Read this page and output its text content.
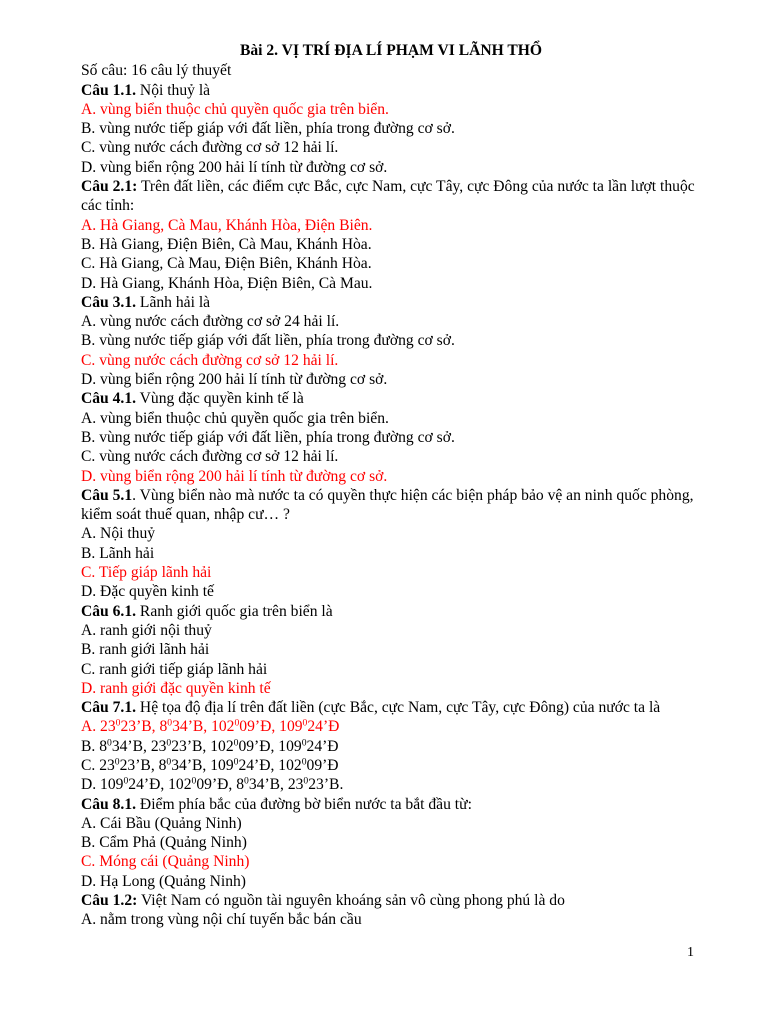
Bài 2. VỊ TRÍ ĐỊA LÍ PHẠM VI LÃNH THỔ
Số câu: 16 câu lý thuyết
Câu 1.1. Nội thuỷ là
A. vùng biển thuộc chủ quyền quốc gia trên biển.
B. vùng nước tiếp giáp với đất liền, phía trong đường cơ sở.
C. vùng nước cách đường cơ sở 12 hải lí.
D. vùng biển rộng 200 hải lí tính từ đường cơ sở.
Câu 2.1: Trên đất liền, các điểm cực Bắc, cực Nam, cực Tây, cực Đông của nước ta lần lượt thuộc các tỉnh:
A. Hà Giang, Cà Mau, Khánh Hòa, Điện Biên.
B. Hà Giang, Điện Biên, Cà Mau, Khánh Hòa.
C. Hà Giang, Cà Mau, Điện Biên, Khánh Hòa.
D. Hà Giang, Khánh Hòa, Điện Biên, Cà Mau.
Câu 3.1. Lãnh hải là
A. vùng nước cách đường cơ sở 24 hải lí.
B. vùng nước tiếp giáp với đất liền, phía trong đường cơ sở.
C. vùng nước cách đường cơ sở 12 hải lí.
D. vùng biển rộng 200 hải lí tính từ đường cơ sở.
Câu 4.1. Vùng đặc quyền kinh tế là
A. vùng biển thuộc chủ quyền quốc gia trên biển.
B. vùng nước tiếp giáp với đất liền, phía trong đường cơ sở.
C. vùng nước cách đường cơ sở 12 hải lí.
D. vùng biển rộng 200 hải lí tính từ đường cơ sở.
Câu 5.1. Vùng biển nào mà nước ta có quyền thực hiện các biện pháp bảo vệ an ninh quốc phòng, kiểm soát thuế quan, nhập cư… ?
A. Nội thuỷ
B. Lãnh hải
C. Tiếp giáp lãnh hải
D. Đặc quyền kinh tế
Câu 6.1. Ranh giới quốc gia trên biển là
A. ranh giới nội thuỷ
B. ranh giới lãnh hải
C. ranh giới tiếp giáp lãnh hải
D. ranh giới đặc quyền kinh tế
Câu 7.1. Hệ tọa độ địa lí trên đất liền (cực Bắc, cực Nam, cực Tây, cực Đông) của nước ta là
A. $23^023’B$, $8^034’B$, $102^009’Đ$, $109^024’Đ$
B. $8^034’B$, $23^023’B$, $102^009’Đ$, $109^024’Đ$
C. $23^023’B$, $8^034’B$, $109^024’Đ$, $102^009’Đ$
D. $109^024’Đ$, $102^009’Đ$, $8^034’B$, $23^023’B$.
Câu 8.1. Điểm phía bắc của đường bờ biển nước ta bắt đầu từ:
A. Cái Bầu (Quảng Ninh)
B. Cẩm Phả (Quảng Ninh)
C. Móng cái (Quảng Ninh)
D. Hạ Long (Quảng Ninh)
Câu 1.2: Việt Nam có nguồn tài nguyên khoáng sản vô cùng phong phú là do
A. nằm trong vùng nội chí tuyến bắc bán cầu
1
